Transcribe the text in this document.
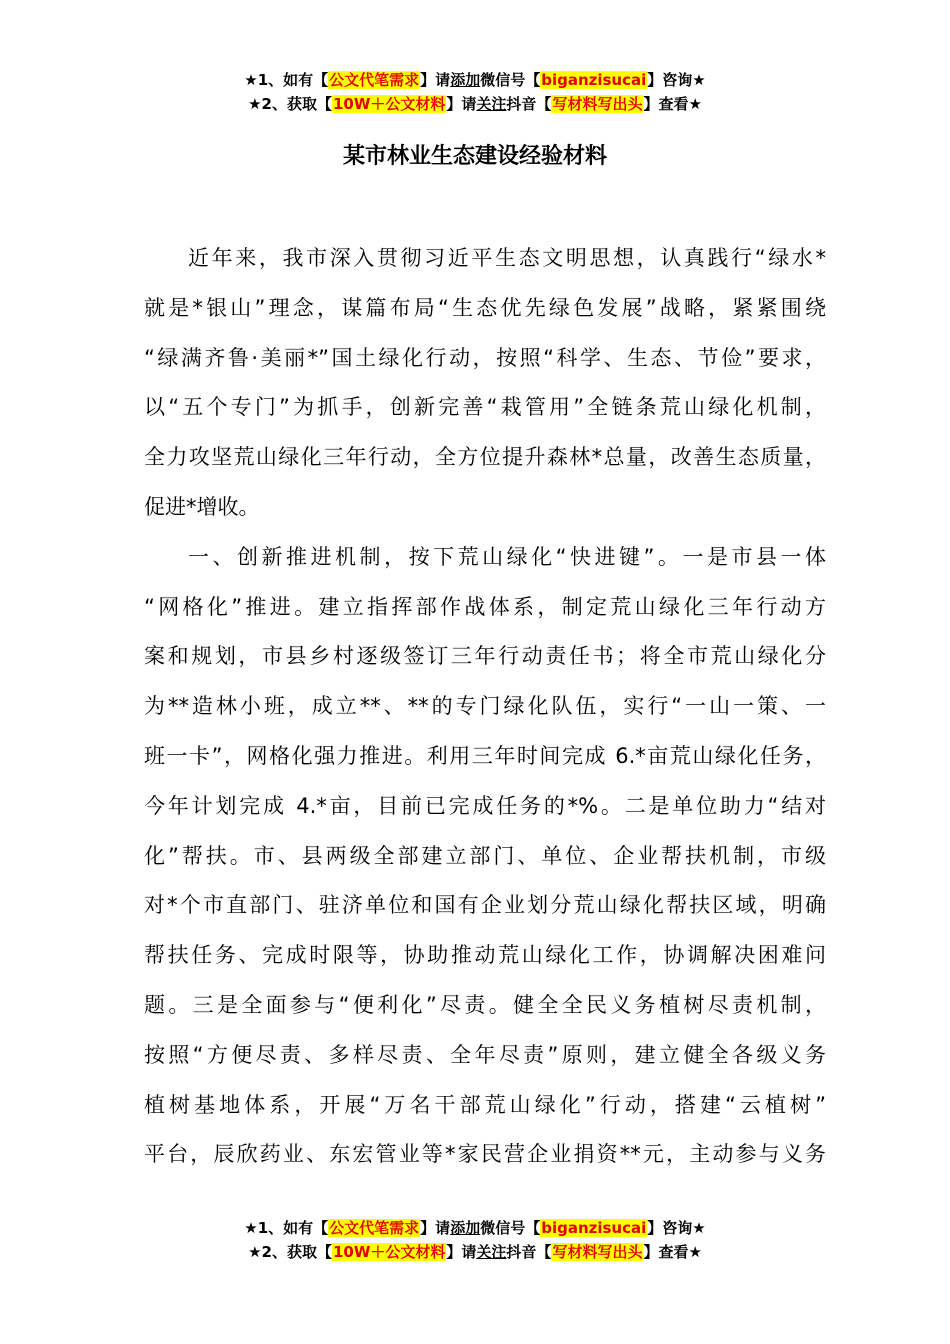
★1、如有【公文代笔需求】请添加微信号【biganzisucai】咨询★
★2、获取【10W＋公文材料】请关注抖音【写材料写出头】查看★
某市林业生态建设经验材料
近年来，我市深入贯彻习近平生态文明思想，认真践行“绿水*
就是*银山”理念，谋篇布局“生态优先绿色发展”战略，紧紧围绕
“绿满齐鲁·美丽*”国土绿化行动，按照“科学、生态、节俭”要求，
以“五个专门”为抓手，创新完善“栽管用”全链条荒山绿化机制，
全力攻坚荒山绿化三年行动，全方位提升森林*总量，改善生态质量，
促进*增收。
一、创新推进机制，按下荒山绿化“快进键”。一是市县一体
“网格化”推进。建立指挥部作战体系，制定荒山绿化三年行动方
案和规划，市县乡村逐级签订三年行动责任书；将全市荒山绿化分
为**造林小班，成立**、**的专门绿化队伍，实行“一山一策、一
班一卡”，网格化强力推进。利用三年时间完成 6.*亩荒山绿化任务，
今年计划完成 4.*亩，目前已完成任务的*%。二是单位助力“结对
化”帮扶。市、县两级全部建立部门、单位、企业帮扶机制，市级
对*个市直部门、驻济单位和国有企业划分荒山绿化帮扶区域，明确
帮扶任务、完成时限等，协助推动荒山绿化工作，协调解决困难问
题。三是全面参与“便利化”尽责。健全全民义务植树尽责机制，
按照“方便尽责、多样尽责、全年尽责”原则，建立健全各级义务
植树基地体系，开展“万名干部荒山绿化”行动，搭建“云植树”
平台，辰欣药业、东宏管业等*家民营企业捐资**元，主动参与义务
★1、如有【公文代笔需求】请添加微信号【biganzisucai】咨询★
★2、获取【10W＋公文材料】请关注抖音【写材料写出头】查看★
